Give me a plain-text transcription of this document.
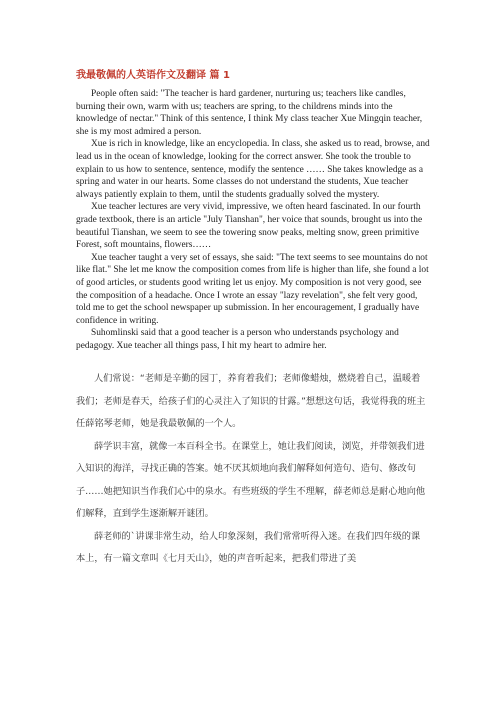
我最敬佩的人英语作文及翻译 篇 1

People often said: "The teacher is hard gardener, nurturing us; teachers like candles, burning their own, warm with us; teachers are spring, to the childrens minds into the knowledge of nectar." Think of this sentence, I think My class teacher Xue Mingqin teacher, she is my most admired a person.

Xue is rich in knowledge, like an encyclopedia. In class, she asked us to read, browse, and lead us in the ocean of knowledge, looking for the correct answer. She took the trouble to explain to us how to sentence, sentence, modify the sentence …… She takes knowledge as a spring and water in our hearts. Some classes do not understand the students, Xue teacher always patiently explain to them, until the students gradually solved the mystery.

Xue teacher lectures are very vivid, impressive, we often heard fascinated. In our fourth grade textbook, there is an article "July Tianshan", her voice that sounds, brought us into the beautiful Tianshan, we seem to see the towering snow peaks, melting snow, green primitive Forest, soft mountains, flowers……

Xue teacher taught a very set of essays, she said: "The text seems to see mountains do not like flat." She let me know the composition comes from life is higher than life, she found a lot of good articles, or students good writing let us enjoy. My composition is not very good, see the composition of a headache. Once I wrote an essay "lazy revelation", she felt very good, told me to get the school newspaper up submission. In her encouragement, I gradually have confidence in writing.

Suhomlinski said that a good teacher is a person who understands psychology and pedagogy. Xue teacher all things pass, I hit my heart to admire her.

人们常说：“老师是辛勤的园丁，养育着我们；老师像蜡烛，燃烧着自己，温暖着我们；老师是春天，给孩子们的心灵注入了知识的甘露。”想想这句话，我觉得我的班主任薛铭琴老师，她是我最敬佩的一个人。

薛学识丰富，就像一本百科全书。在课堂上，她让我们阅读，浏览，并带领我们进入知识的海洋，寻找正确的答案。她不厌其烦地向我们解释如何造句、造句、修改句子……她把知识当作我们心中的泉水。有些班级的学生不理解，薛老师总是耐心地向他们解释，直到学生逐渐解开谜团。

薛老师的`讲课非常生动，给人印象深刻，我们常常听得入迷。在我们四年级的课本上，有一篇文章叫《七月天山》，她的声音听起来，把我们带进了美
